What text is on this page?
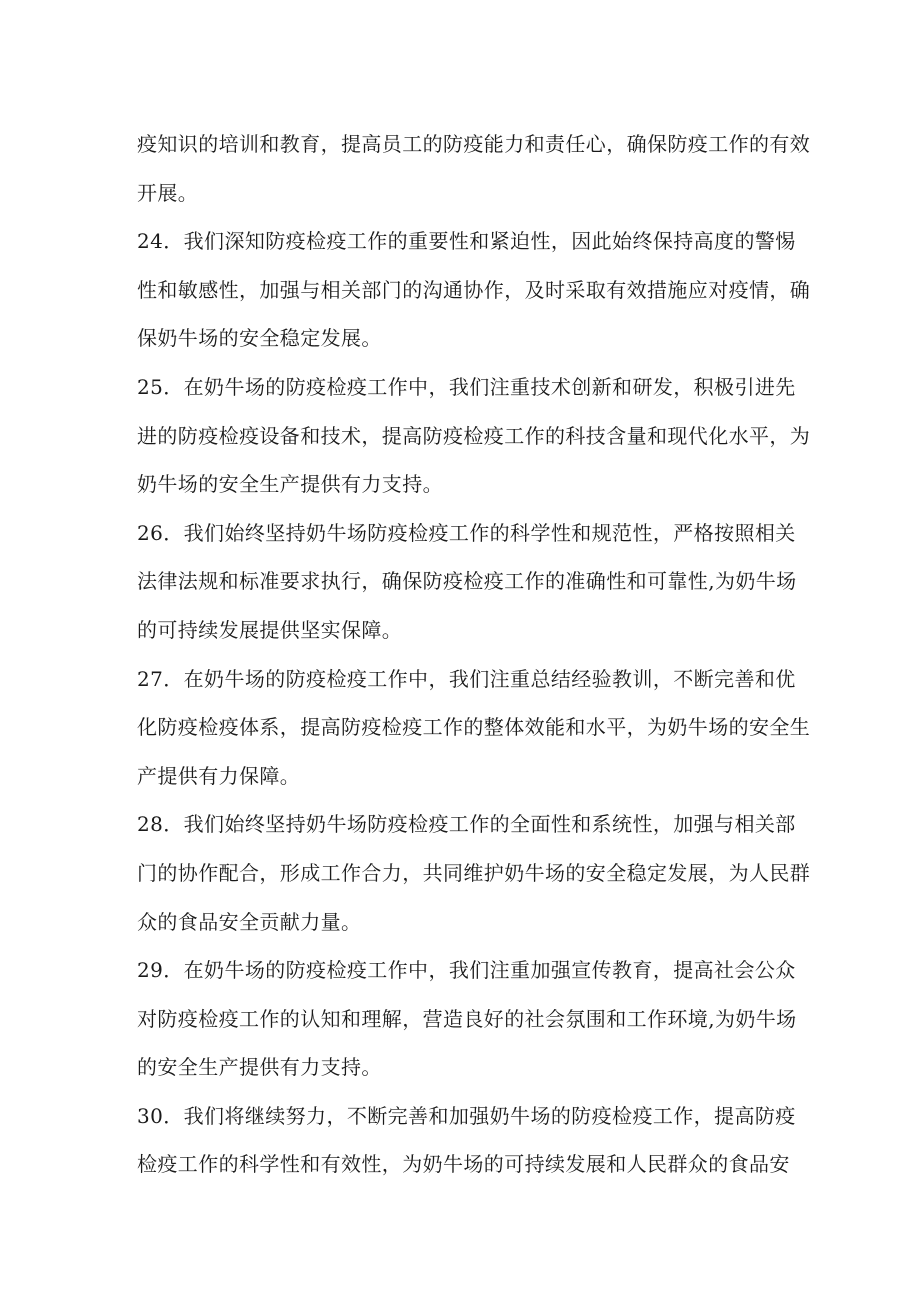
疫知识的培训和教育，提高员工的防疫能力和责任心，确保防疫工作的有效
开展。
24．我们深知防疫检疫工作的重要性和紧迫性，因此始终保持高度的警惕
性和敏感性，加强与相关部门的沟通协作，及时采取有效措施应对疫情，确
保奶牛场的安全稳定发展。
25．在奶牛场的防疫检疫工作中，我们注重技术创新和研发，积极引进先
进的防疫检疫设备和技术，提高防疫检疫工作的科技含量和现代化水平，为
奶牛场的安全生产提供有力支持。
26．我们始终坚持奶牛场防疫检疫工作的科学性和规范性，严格按照相关
法律法规和标准要求执行，确保防疫检疫工作的准确性和可靠性,为奶牛场
的可持续发展提供坚实保障。
27．在奶牛场的防疫检疫工作中，我们注重总结经验教训，不断完善和优
化防疫检疫体系，提高防疫检疫工作的整体效能和水平，为奶牛场的安全生
产提供有力保障。
28．我们始终坚持奶牛场防疫检疫工作的全面性和系统性，加强与相关部
门的协作配合，形成工作合力，共同维护奶牛场的安全稳定发展，为人民群
众的食品安全贡献力量。
29．在奶牛场的防疫检疫工作中，我们注重加强宣传教育，提高社会公众
对防疫检疫工作的认知和理解，营造良好的社会氛围和工作环境,为奶牛场
的安全生产提供有力支持。
30．我们将继续努力，不断完善和加强奶牛场的防疫检疫工作，提高防疫
检疫工作的科学性和有效性，为奶牛场的可持续发展和人民群众的食品安
